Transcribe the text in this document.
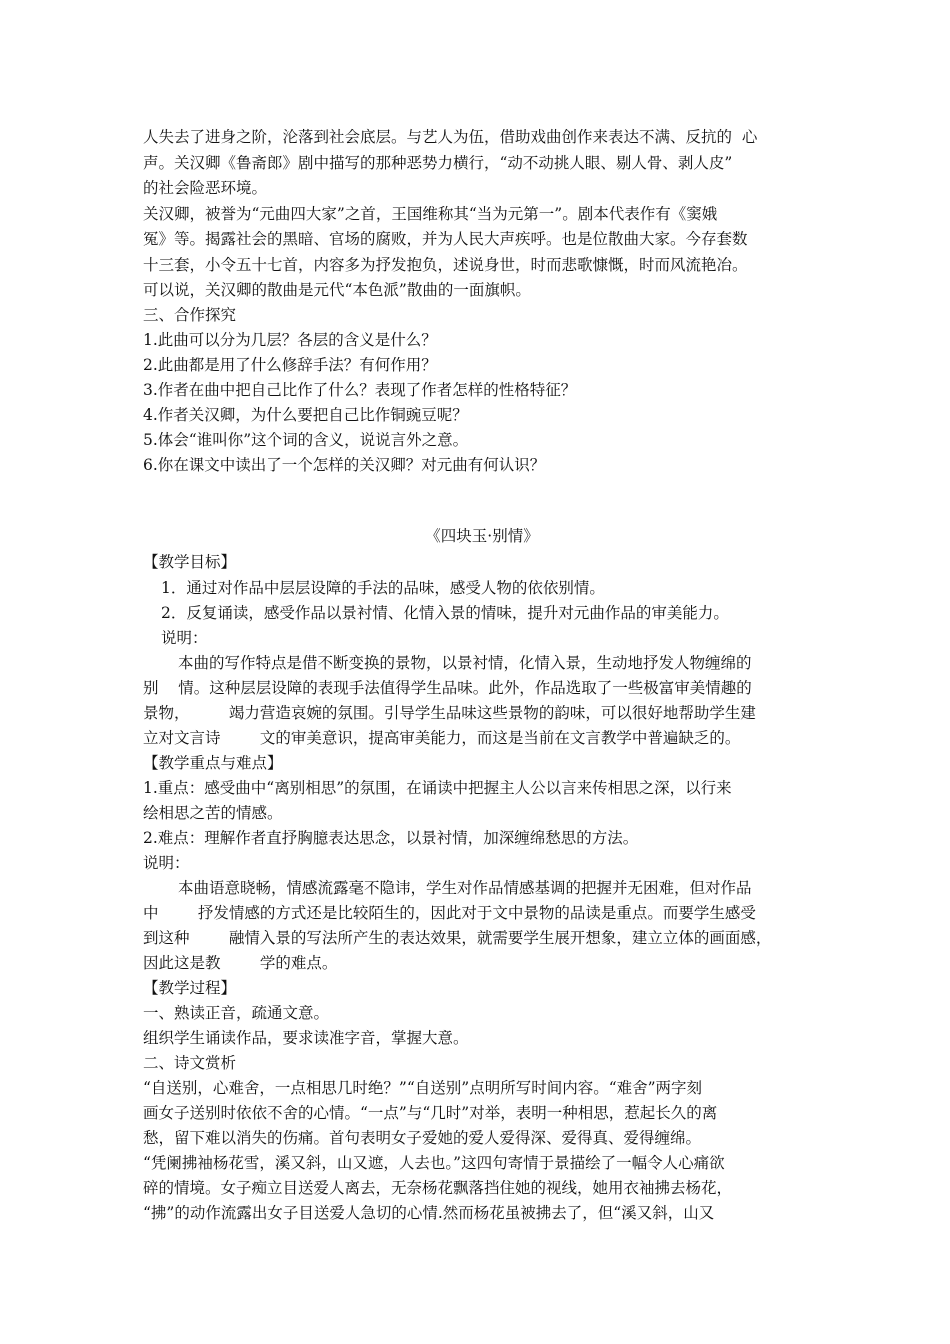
人失去了进身之阶，沦落到社会底层。与艺人为伍，借助戏曲创作来表达不满、反抗的  心
声。关汉卿《鲁斋郎》剧中描写的那种恶势力横行，“动不动挑人眼、剔人骨、剥人皮”
的社会险恶环境。
关汉卿，被誉为“元曲四大家”之首，王国维称其“当为元第一”。剧本代表作有《窦娥
冤》等。揭露社会的黑暗、官场的腐败，并为人民大声疾呼。也是位散曲大家。今存套数
十三套，小令五十七首，内容多为抒发抱负，述说身世，时而悲歌慷慨，时而风流艳冶。
可以说，关汉卿的散曲是元代“本色派”散曲的一面旗帜。
三、合作探究
1.此曲可以分为几层？各层的含义是什么？
2.此曲都是用了什么修辞手法？有何作用？
3.作者在曲中把自己比作了什么？表现了作者怎样的性格特征？
4.作者关汉卿，为什么要把自己比作铜豌豆呢？
5.体会“谁叫你”这个词的含义，说说言外之意。
6.你在课文中读出了一个怎样的关汉卿？对元曲有何认识？
《四块玉·别情》
【教学目标】
1．通过对作品中层层设障的手法的品味，感受人物的依依别情。
2．反复诵读，感受作品以景衬情、化情入景的情味，提升对元曲作品的审美能力。
说明：
本曲的写作特点是借不断变换的景物，以景衬情，化情入景，生动地抒发人物缠绵的
别    情。这种层层设障的表现手法值得学生品味。此外，作品选取了一些极富审美情趣的
景物，        竭力营造哀婉的氛围。引导学生品味这些景物的韵味，可以很好地帮助学生建
立对文言诗        文的审美意识，提高审美能力，而这是当前在文言教学中普遍缺乏的。
【教学重点与难点】
1.重点：感受曲中“离别相思”的氛围，在诵读中把握主人公以言来传相思之深，以行来
绘相思之苦的情感。
2.难点：理解作者直抒胸臆表达思念，以景衬情，加深缠绵愁思的方法。
说明：
本曲语意晓畅，情感流露毫不隐讳，学生对作品情感基调的把握并无困难，但对作品
中        抒发情感的方式还是比较陌生的，因此对于文中景物的品读是重点。而要学生感受
到这种        融情入景的写法所产生的表达效果，就需要学生展开想象，建立立体的画面感，
因此这是教        学的难点。
【教学过程】
一、熟读正音，疏通文意。
组织学生诵读作品，要求读准字音，掌握大意。
二、诗文赏析
“自送别，心难舍，一点相思几时绝？”“自送别”点明所写时间内容。“难舍”两字刻
画女子送别时依依不舍的心情。“一点”与“几时”对举，表明一种相思，惹起长久的离
愁，留下难以消失的伤痛。首句表明女子爱她的爱人爱得深、爱得真、爱得缠绵。
“凭阑拂袖杨花雪，溪又斜，山又遮，人去也。”这四句寄情于景描绘了一幅令人心痛欲
碎的情境。女子痴立目送爱人离去，无奈杨花飘落挡住她的视线，她用衣袖拂去杨花，
“拂”的动作流露出女子目送爱人急切的心情.然而杨花虽被拂去了，但“溪又斜，山又
